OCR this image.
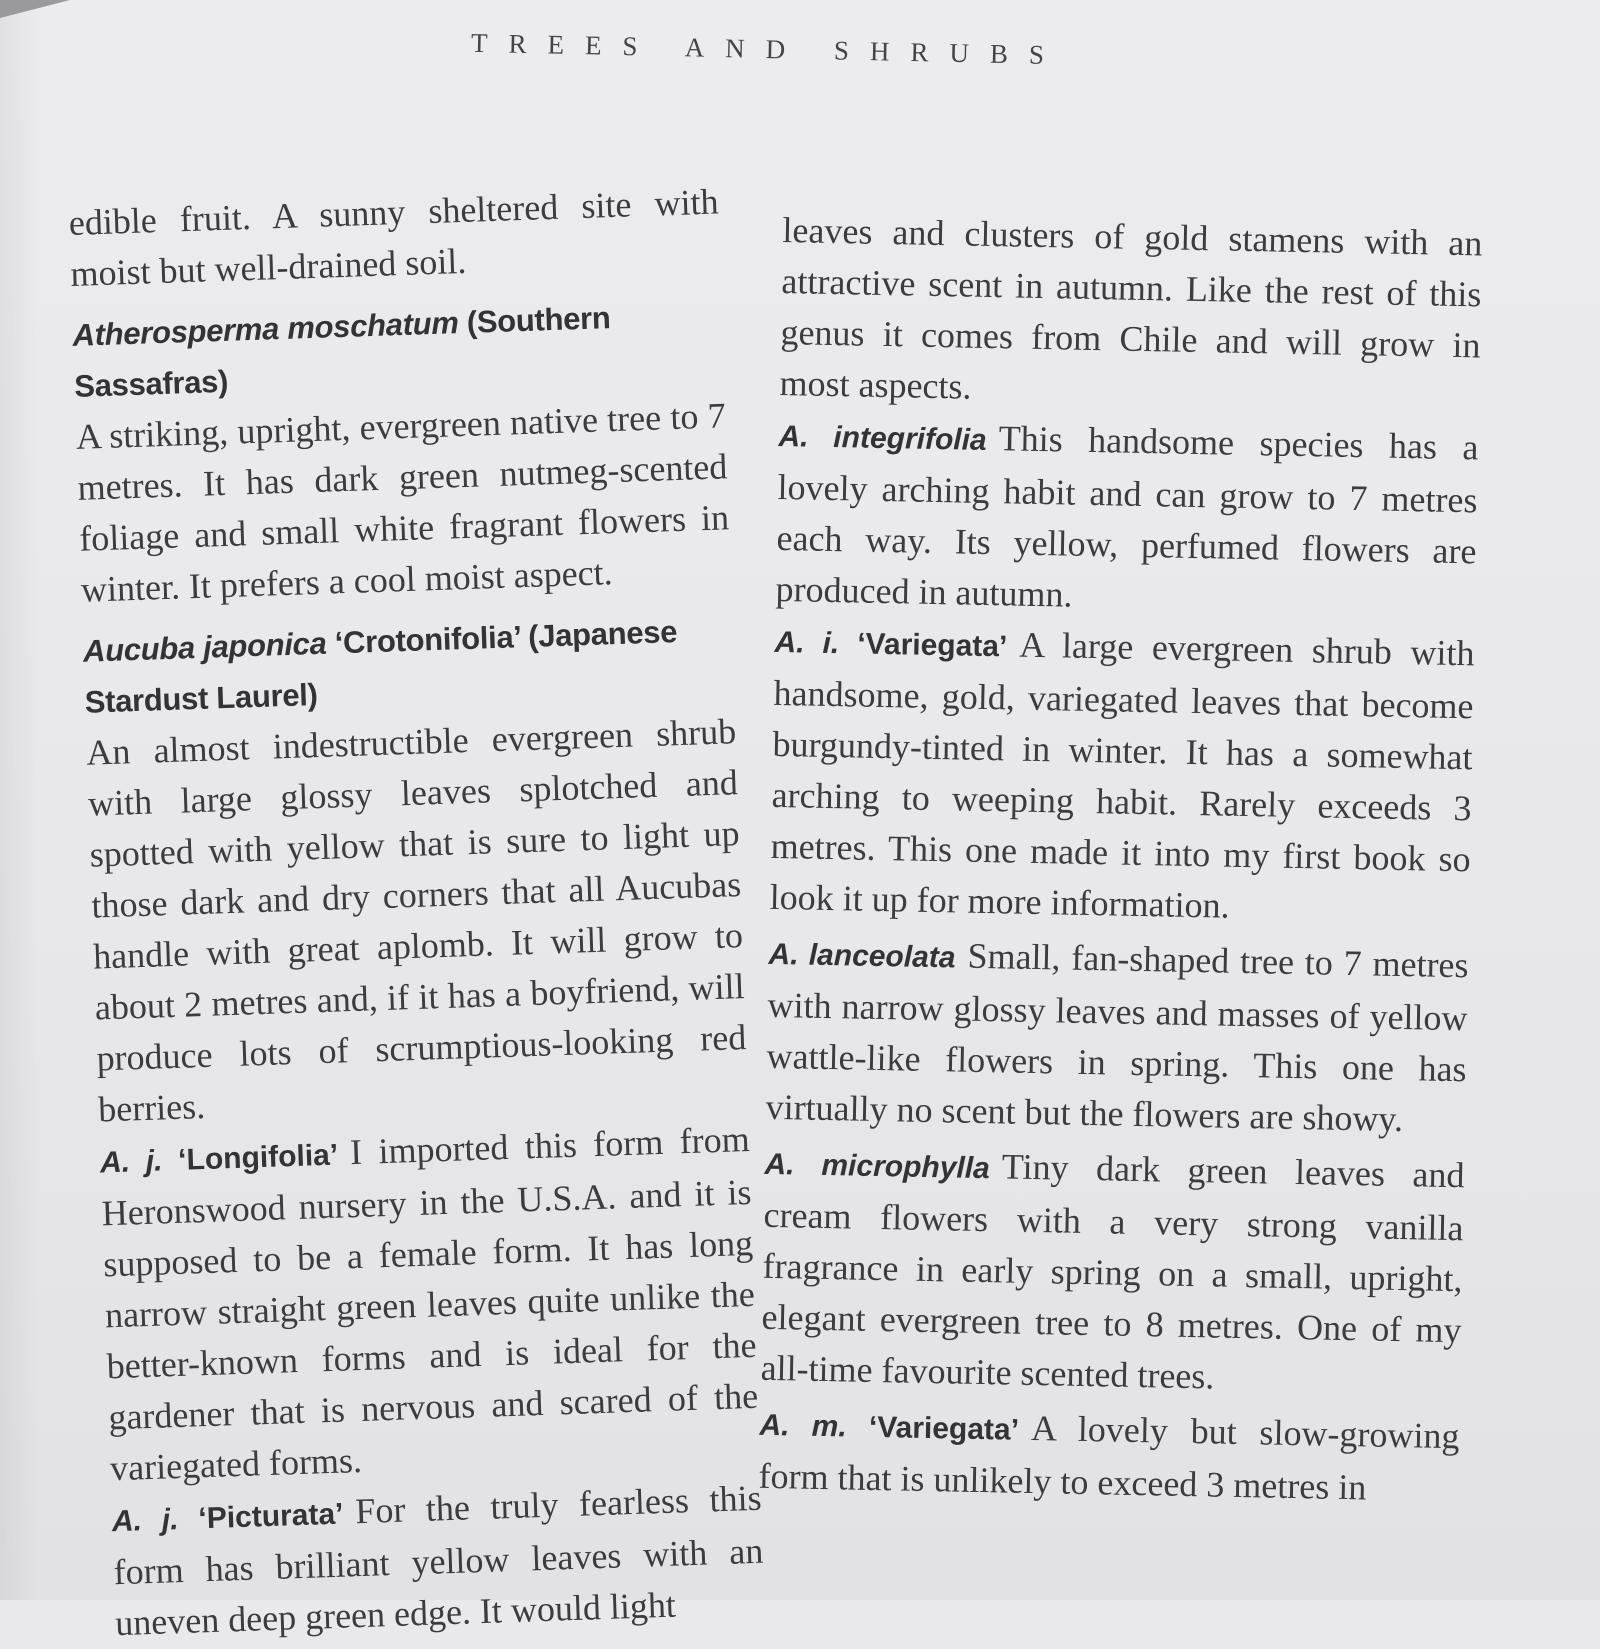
TREES AND SHRUBS

edible fruit. A sunny sheltered site with moist but well-drained soil.

Atherosperma moschatum (Southern Sassafras)

A striking, upright, evergreen native tree to 7 metres. It has dark green nutmeg-scented foliage and small white fragrant flowers in winter. It prefers a cool moist aspect.

Aucuba japonica ‘Crotonifolia’ (Japanese Stardust Laurel)

An almost indestructible evergreen shrub with large glossy leaves splotched and spotted with yellow that is sure to light up those dark and dry corners that all Aucubas handle with great aplomb. It will grow to about 2 metres and, if it has a boyfriend, will produce lots of scrumptious-looking red berries.

A. j. ‘Longifolia’ I imported this form from Heronswood nursery in the U.S.A. and it is supposed to be a female form. It has long narrow straight green leaves quite unlike the better-known forms and is ideal for the gardener that is nervous and scared of the variegated forms.

A. j. ‘Picturata’ For the truly fearless this form has brilliant yellow leaves with an uneven deep green edge. It would light

leaves and clusters of gold stamens with an attractive scent in autumn. Like the rest of this genus it comes from Chile and will grow in most aspects.

A. integrifolia This handsome species has a lovely arching habit and can grow to 7 metres each way. Its yellow, perfumed flowers are produced in autumn.

A. i. ‘Variegata’ A large evergreen shrub with handsome, gold, variegated leaves that become burgundy-tinted in winter. It has a somewhat arching to weeping habit. Rarely exceeds 3 metres. This one made it into my first book so look it up for more information.

A. lanceolata Small, fan-shaped tree to 7 metres with narrow glossy leaves and masses of yellow wattle-like flowers in spring. This one has virtually no scent but the flowers are showy.

A. microphylla Tiny dark green leaves and cream flowers with a very strong vanilla fragrance in early spring on a small, upright, elegant evergreen tree to 8 metres. One of my all-time favourite scented trees.

A. m. ‘Variegata’ A lovely but slow-growing form that is unlikely to exceed 3 metres in
